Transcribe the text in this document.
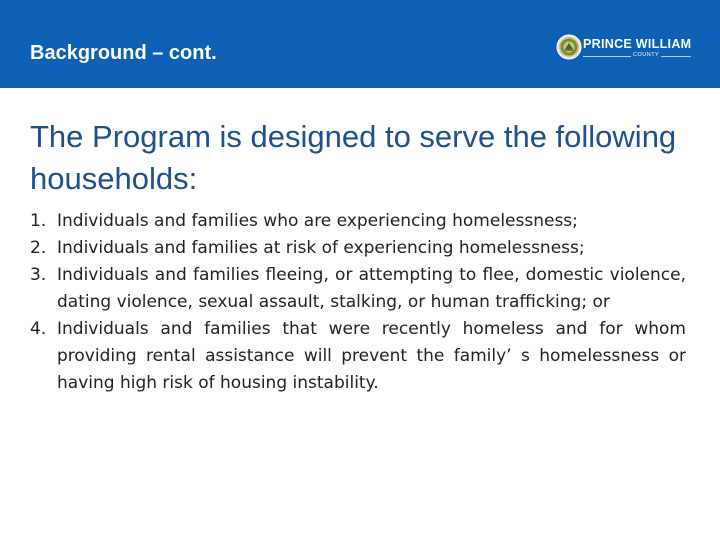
Background – cont.	PRINCE WILLIAM
COUNTY
The Program is designed to serve the following households:
1. Individuals and families who are experiencing homelessness;
2. Individuals and families at risk of experiencing homelessness;
3. Individuals and families fleeing, or attempting to flee, domestic violence, dating violence, sexual assault, stalking, or human trafficking; or
4. Individuals and families that were recently homeless and for whom providing rental assistance will prevent the family’ s homelessness or having high risk of housing instability.
